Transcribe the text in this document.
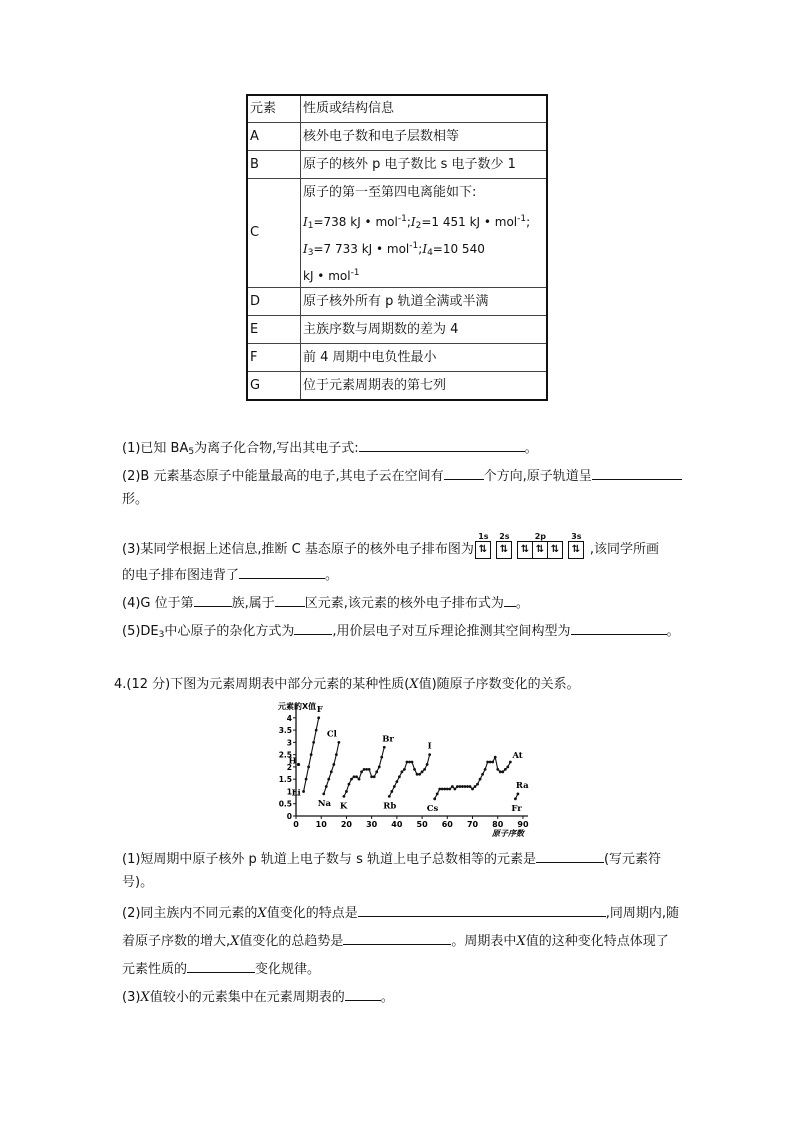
元素	性质或结构信息
A	核外电子数和电子层数相等
B	原子的核外 p 电子数比 s 电子数少 1
C	原子的第一至第四电离能如下:
$I_1=738$ kJ • $mol^{-1};I_2=1$ 451 kJ • mol$^{-1}$;
$I_3=7$ 733 kJ • $mol^{-1};I_4=10$ 540
kJ • mol$^{-1}$

D	原子核外所有 p 轨道全满或半满
E	主族序数与周期数的差为 4
F	前 4 周期中电负性最小
G	位于元素周期表的第七列
(1)已知 $BA_5$为离子化合物,写出其电子式:	。
(2)B 元素基态原子中能量最高的电子,其电子云在空间有	个方向,原子轨道呈
形。
(3)某同学根据上述信息,推断 C 基态原子的核外电子排布图为
1s
⇅
2s
⇅
2p
⇅ ⇅ ⇅
3s
⇅ ,该同学所画
的电子排布图违背了	。
(4)G 位于第	族,属于 区元素,该元素的核外电子排布式为 。
$(5)DE_3$中心原子的杂化方式为	,用价层电子对互斥理论推测其空间构型为	。
4.(12 分)下图为元素周期表中部分元素的某种性质(X值)随原子序数变化的关系。
元素的X值
原子序数
0 10 20 30 40 50 60 70 80 90
0
0.5
1
1.5
2
2.5
3
3.5
4
Li
H
F
Na
Cl
K
Br
Rb
I
Cs
At
Ra
Fr
(1)短周期中原子核外 p 轨道上电子数与 s 轨道上电子总数相等的元素是	(写元素符
号)。
(2)同主族内不同元素的X值变化的特点是	,同周期内,随
着原子序数的增大,X值变化的总趋势是	。周期表中X值的这种变化特点体现了
元素性质的	变化规律。
(3)X值较小的元素集中在元素周期表的	。
